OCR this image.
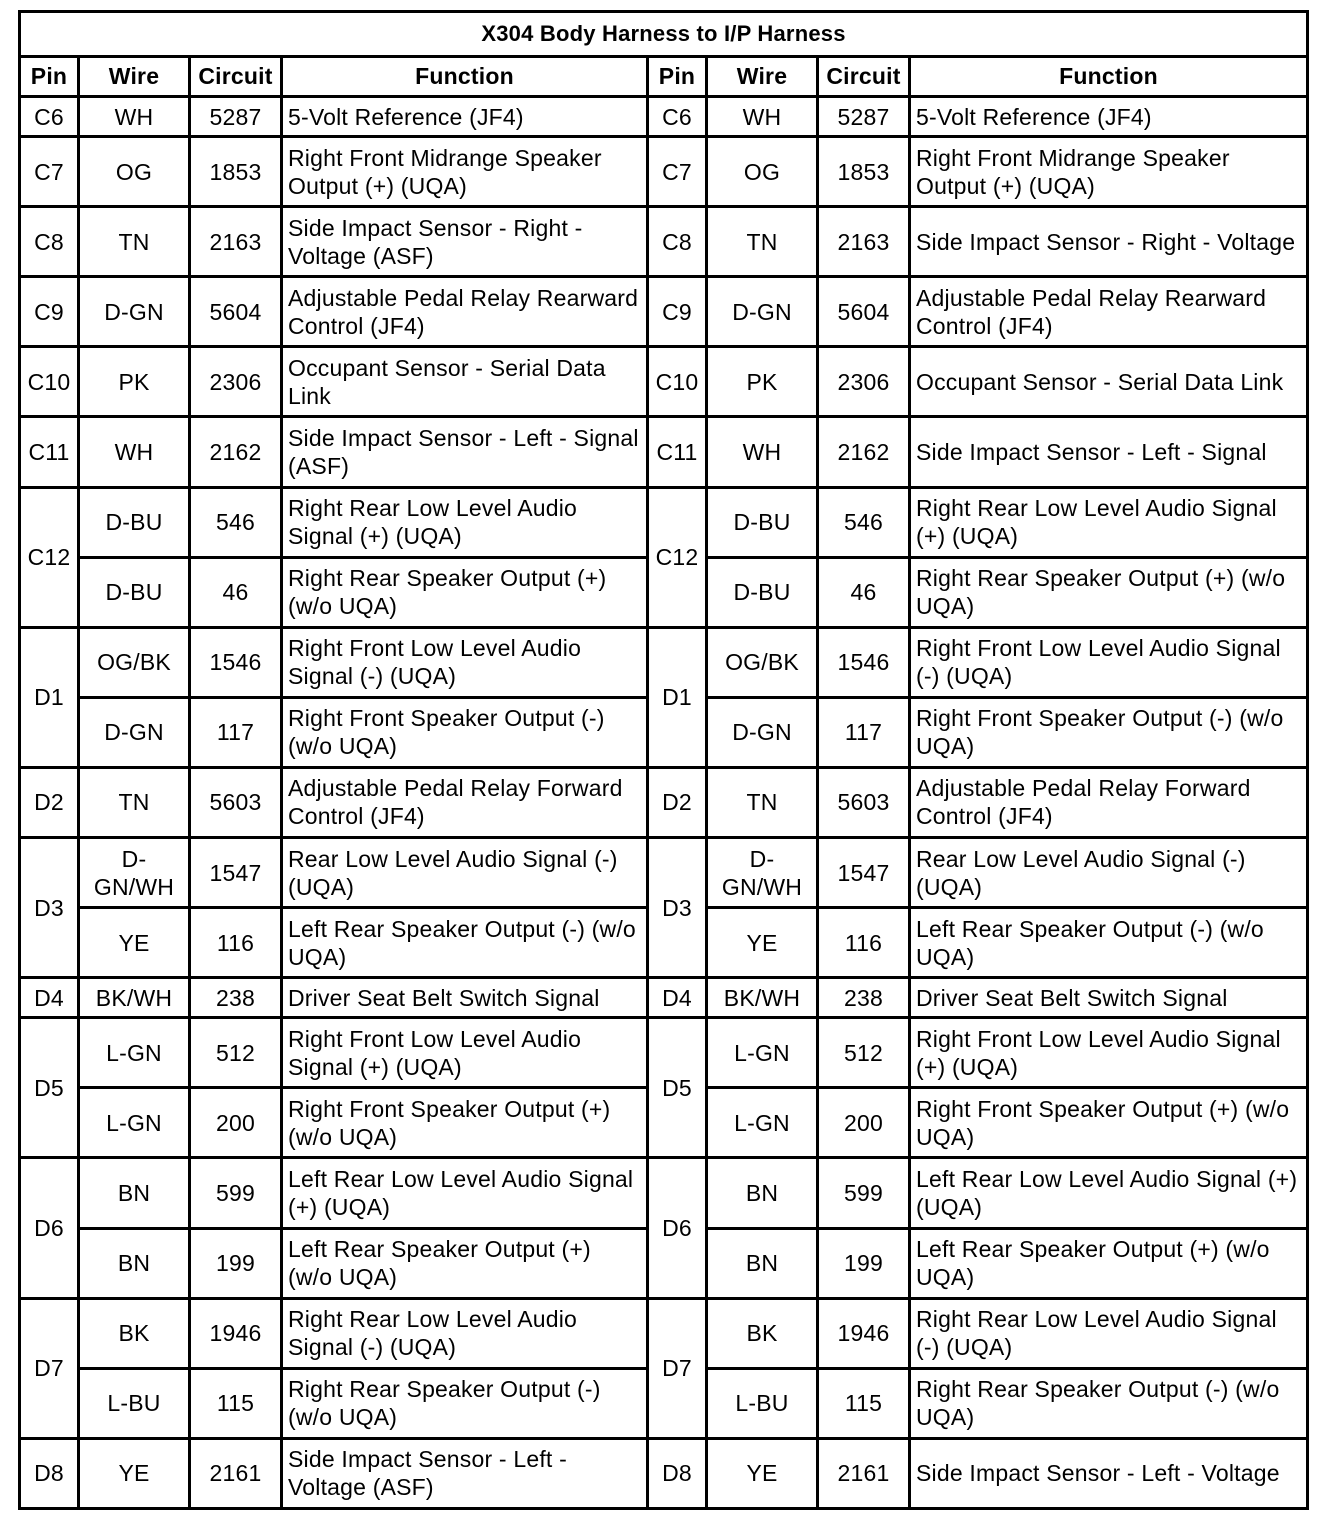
X304 Body Harness to I/P Harness							
Pin	Wire	Circuit	Function	Pin	Wire	Circuit	Function
C6	WH	5287	5-Volt Reference (JF4)	C6	WH	5287	5-Volt Reference (JF4)
C7	OG	1853	Right Front Midrange Speaker Output (+) (UQA)	C7	OG	1853	Right Front Midrange Speaker Output (+) (UQA)
C8	TN	2163	Side Impact Sensor - Right - Voltage (ASF)	C8	TN	2163	Side Impact Sensor - Right - Voltage
C9	D-GN	5604	Adjustable Pedal Relay Rearward Control (JF4)	C9	D-GN	5604	Adjustable Pedal Relay Rearward Control (JF4)
C10	PK	2306	Occupant Sensor - Serial Data Link	C10	PK	2306	Occupant Sensor - Serial Data Link
C11	WH	2162	Side Impact Sensor - Left - Signal (ASF)	C11	WH	2162	Side Impact Sensor - Left - Signal
C12	D-BU	546	Right Rear Low Level Audio Signal (+) (UQA)	C12	D-BU	546	Right Rear Low Level Audio Signal (+) (UQA)
	D-BU	46	Right Rear Speaker Output (+) (w/o UQA)		D-BU	46	Right Rear Speaker Output (+) (w/o UQA)
D1	OG/BK	1546	Right Front Low Level Audio Signal (-) (UQA)	D1	OG/BK	1546	Right Front Low Level Audio Signal (-) (UQA)
	D-GN	117	Right Front Speaker Output (-) (w/o UQA)		D-GN	117	Right Front Speaker Output (-) (w/o UQA)
D2	TN	5603	Adjustable Pedal Relay Forward Control (JF4)	D2	TN	5603	Adjustable Pedal Relay Forward Control (JF4)
D3	D-GN/WH	1547	Rear Low Level Audio Signal (-) (UQA)	D3	D-GN/WH	1547	Rear Low Level Audio Signal (-) (UQA)
	YE	116	Left Rear Speaker Output (-) (w/o UQA)		YE	116	Left Rear Speaker Output (-) (w/o UQA)
D4	BK/WH	238	Driver Seat Belt Switch Signal	D4	BK/WH	238	Driver Seat Belt Switch Signal
D5	L-GN	512	Right Front Low Level Audio Signal (+) (UQA)	D5	L-GN	512	Right Front Low Level Audio Signal (+) (UQA)
	L-GN	200	Right Front Speaker Output (+) (w/o UQA)		L-GN	200	Right Front Speaker Output (+) (w/o UQA)
D6	BN	599	Left Rear Low Level Audio Signal (+) (UQA)	D6	BN	599	Left Rear Low Level Audio Signal (+) (UQA)
	BN	199	Left Rear Speaker Output (+) (w/o UQA)		BN	199	Left Rear Speaker Output (+) (w/o UQA)
D7	BK	1946	Right Rear Low Level Audio Signal (-) (UQA)	D7	BK	1946	Right Rear Low Level Audio Signal (-) (UQA)
	L-BU	115	Right Rear Speaker Output (-) (w/o UQA)		L-BU	115	Right Rear Speaker Output (-) (w/o UQA)
D8	YE	2161	Side Impact Sensor - Left - Voltage (ASF)	D8	YE	2161	Side Impact Sensor - Left - Voltage
